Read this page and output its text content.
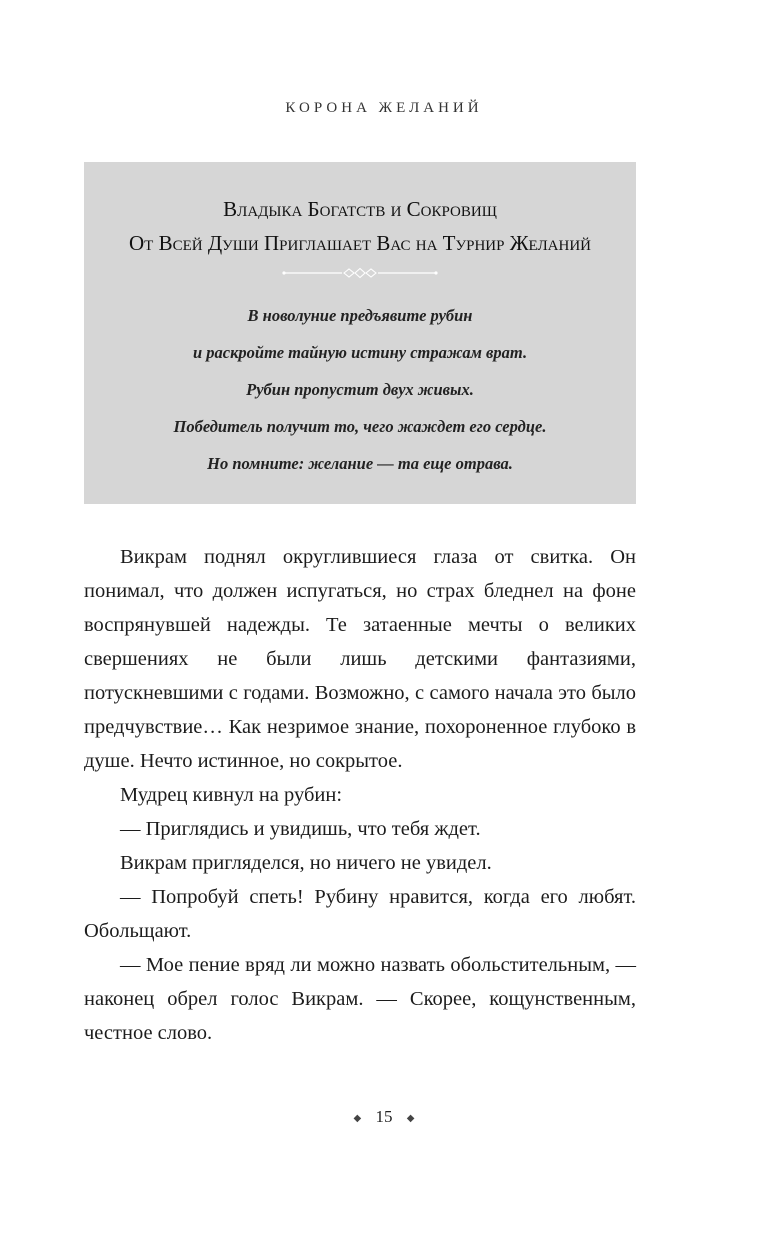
КОРОНА ЖЕЛАНИЙ
Владыка Богатств и Сокровищ
От Всей Души Приглашает Вас на Турнир Желаний
В новолуние предъявите рубин
и раскройте тайную истину стражам врат.
Рубин пропустит двух живых.
Победитель получит то, чего жаждет его сердце.
Но помните: желание — та еще отрава.

Викрам поднял округлившиеся глаза от свитка. Он понимал, что должен испугаться, но страх бледнел на фоне воспрянувшей надежды. Те затаенные мечты о великих свершениях не были лишь детскими фантазиями, потускневшими с годами. Возможно, с самого начала это было предчувствие… Как незримое знание, похороненное глубоко в душе. Нечто истинное, но сокрытое.

Мудрец кивнул на рубин:

— Приглядись и увидишь, что тебя ждет.

Викрам пригляделся, но ничего не увидел.

— Попробуй спеть! Рубину нравится, когда его любят. Обольщают.

— Мое пение вряд ли можно назвать обольстительным, — наконец обрел голос Викрам. — Скорее, кощунственным, честное слово.

◆ 15 ◆
